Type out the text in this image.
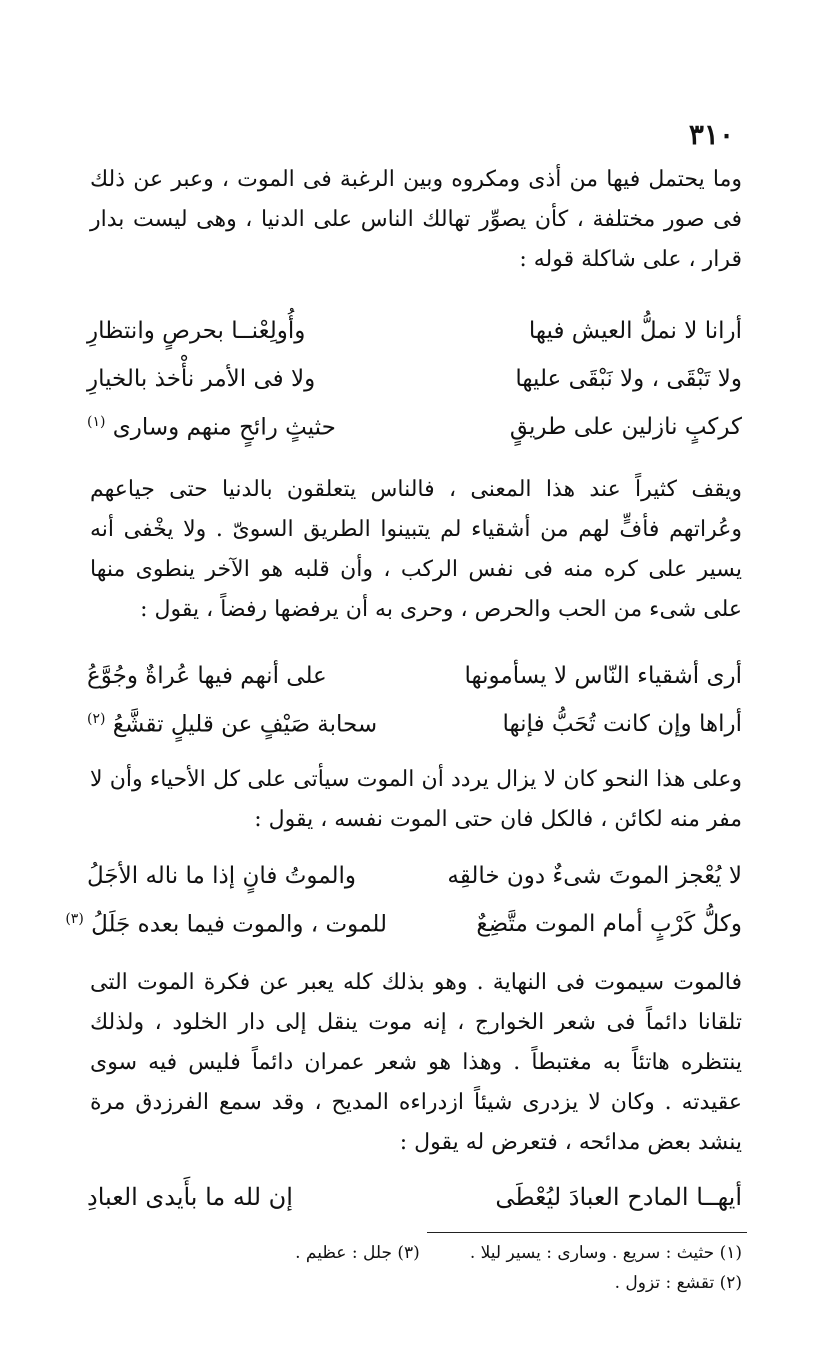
٣١٠
وما يحتمل فيها من أذى ومكروه وبين الرغبة فى الموت ، وعبر عن ذلك فى صور مختلفة ، كأن يصوِّر تهالك الناس على الدنيا ، وهى ليست بدار قرار ، على شاكلة قوله :
أرانا لا نملُّ العيش فيها
وأُولِعْنــا بحرصٍ وانتظارِ
ولا تَبْقَى ، ولا نَبْقَى عليها
ولا فى الأمر نأْخذ بالخيارِ
كركبٍ نازلين على طريقٍ
حثيثٍ رائحٍ منهم وسارى $^{(١)}$
ويقف كثيراً عند هذا المعنى ، فالناس يتعلقون بالدنيا حتى جياعهم وعُراتهم فأفٍّ لهم من أشقياء لم يتبينوا الطريق السوىّ . ولا يخْفى أنه يسير على كره منه فى نفس الركب ، وأن قلبه هو الآخر ينطوى منها على شىء من الحب والحرص ، وحرى به أن يرفضها رفضاً ، يقول :
أرى أشقياء النّاس لا يسأمونها
على أنهم فيها عُراةٌ وجُوَّعُ
أراها وإن كانت تُحَبُّ فإنها
سحابة صَيْفٍ عن قليلٍ تقشَّعُ $^{(٢)}$
وعلى هذا النحو كان لا يزال يردد أن الموت سيأتى على كل الأحياء وأن لا مفر منه لكائن ، فالكل فان حتى الموت نفسه ، يقول :
لا يُعْجز الموتَ شىءٌ دون خالقِه
والموتُ فانٍ إذا ما ناله الأجَلُ
وكلُّ كَرْبٍ أمام الموت متَّضِعٌ
للموت ، والموت فيما بعده جَلَلُ $^{(٣)}$
فالموت سيموت فى النهاية . وهو بذلك كله يعبر عن فكرة الموت التى تلقانا دائماً فى شعر الخوارج ، إنه موت ينقل إلى دار الخلود ، ولذلك ينتظره هاتئاً به مغتبطاً . وهذا هو شعر عمران دائماً فليس فيه سوى عقيدته . وكان لا يزدرى شيئاً ازدراءه المديح ، وقد سمع الفرزدق مرة ينشد بعض مدائحه ، فتعرض له يقول :
أيهــا المادح العبادَ ليُعْطَى
إن لله ما بأَيدى العبادِ
(١) حثيث : سريع . وسارى : يسير ليلا .
(٣) جلل : عظيم .
(٢) تقشع : تزول .
